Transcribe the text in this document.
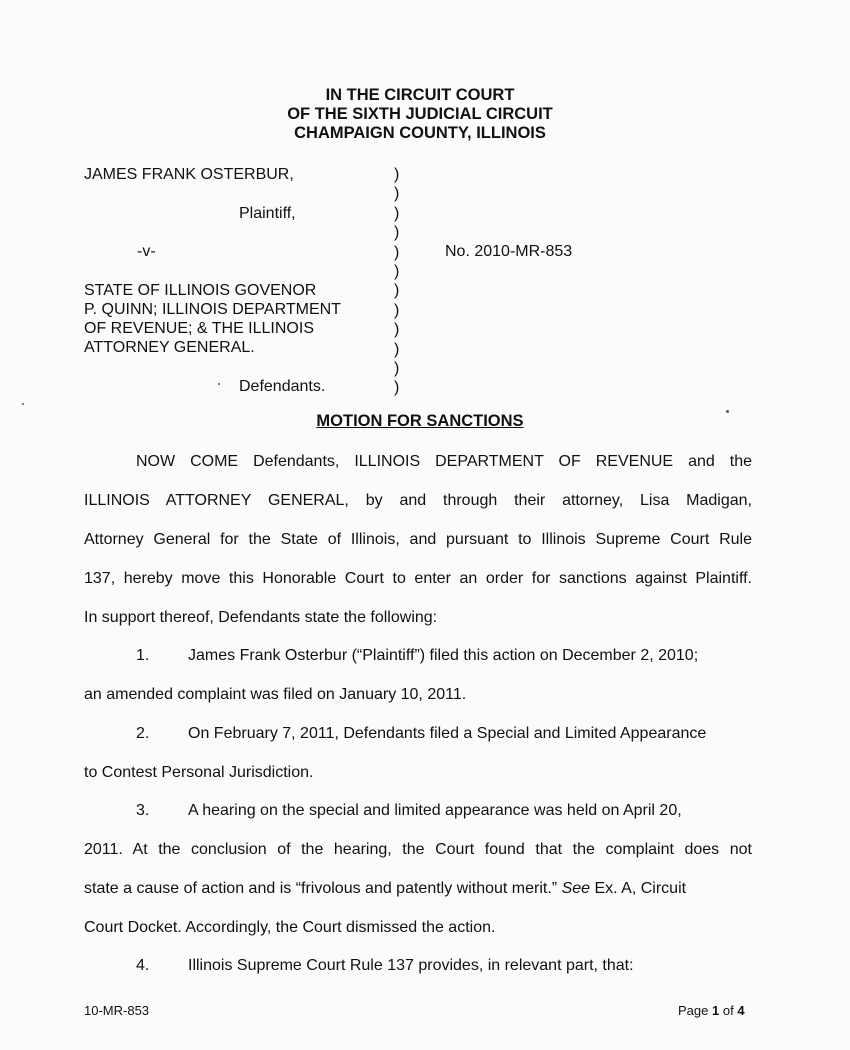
IN THE CIRCUIT COURT
OF THE SIXTH JUDICIAL CIRCUIT
CHAMPAIGN COUNTY, ILLINOIS
JAMES FRANK OSTERBUR,
Plaintiff,
-v-
STATE OF ILLINOIS GOVENOR
P. QUINN; ILLINOIS DEPARTMENT
OF REVENUE; & THE ILLINOIS
ATTORNEY GENERAL.
Defendants.
No. 2010-MR-853
)
)
)
)
)
)
)
)
)
)
)
)
MOTION FOR SANCTIONS
NOW COME Defendants, ILLINOIS DEPARTMENT OF REVENUE and the
ILLINOIS ATTORNEY GENERAL, by and through their attorney, Lisa Madigan,
Attorney General for the State of Illinois, and pursuant to Illinois Supreme Court Rule
137, hereby move this Honorable Court to enter an order for sanctions against Plaintiff.
In support thereof, Defendants state the following:
1. James Frank Osterbur (“Plaintiff”) filed this action on December 2, 2010;
an amended complaint was filed on January 10, 2011.
2. On February 7, 2011, Defendants filed a Special and Limited Appearance
to Contest Personal Jurisdiction.
3. A hearing on the special and limited appearance was held on April 20,
2011. At the conclusion of the hearing, the Court found that the complaint does not
state a cause of action and is “frivolous and patently without merit.” See Ex. A, Circuit
Court Docket. Accordingly, the Court dismissed the action.
4. Illinois Supreme Court Rule 137 provides, in relevant part, that:
10-MR-853	Page 1 of 4
